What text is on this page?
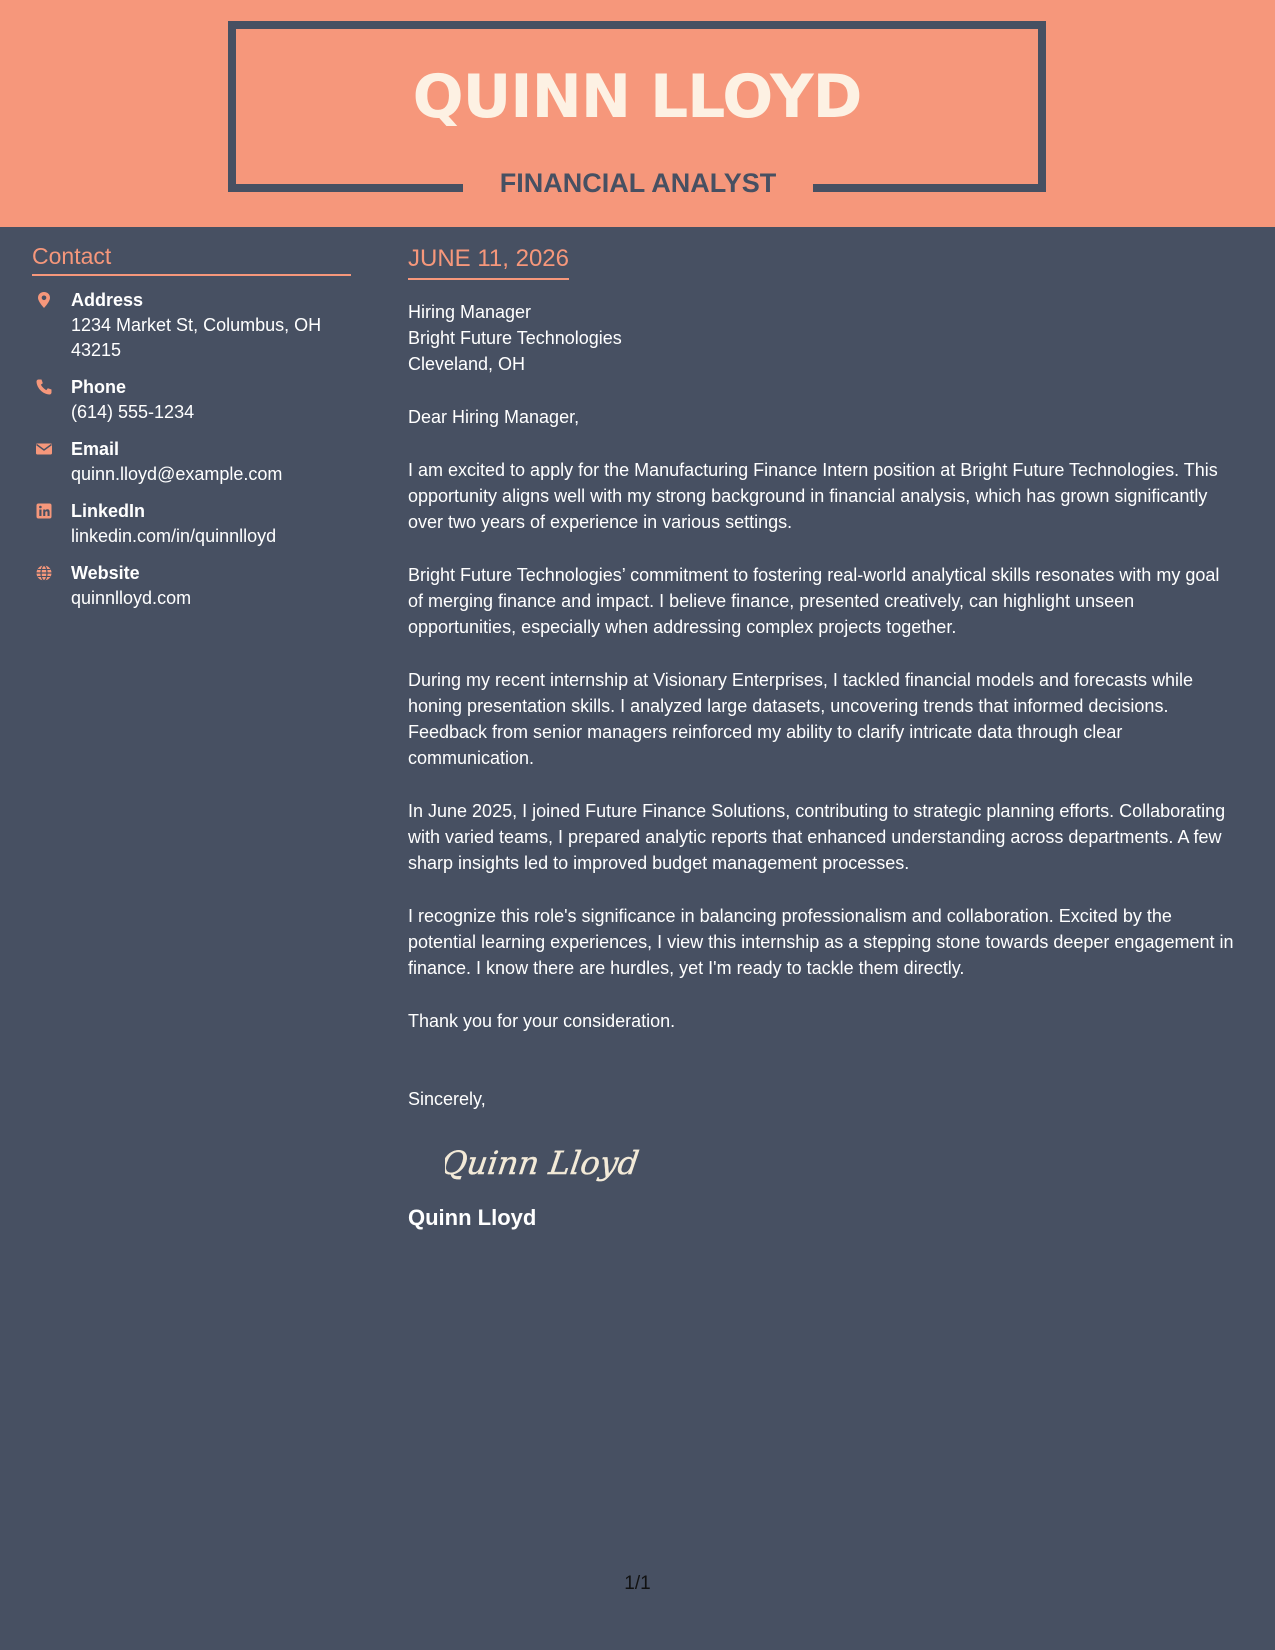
QUINN LLOYD
FINANCIAL ANALYST
Contact
Address
1234 Market St, Columbus, OH 43215
Phone
(614) 555-1234
Email
quinn.lloyd@example.com
LinkedIn
linkedin.com/in/quinnlloyd
Website
quinnlloyd.com
JUNE 11, 2026
Hiring Manager
Bright Future Technologies
Cleveland, OH
Dear Hiring Manager,
I am excited to apply for the Manufacturing Finance Intern position at Bright Future Technologies. This opportunity aligns well with my strong background in financial analysis, which has grown significantly over two years of experience in various settings.
Bright Future Technologies’ commitment to fostering real-world analytical skills resonates with my goal of merging finance and impact. I believe finance, presented creatively, can highlight unseen opportunities, especially when addressing complex projects together.
During my recent internship at Visionary Enterprises, I tackled financial models and forecasts while honing presentation skills. I analyzed large datasets, uncovering trends that informed decisions. Feedback from senior managers reinforced my ability to clarify intricate data through clear communication.
In June 2025, I joined Future Finance Solutions, contributing to strategic planning efforts. Collaborating with varied teams, I prepared analytic reports that enhanced understanding across departments. A few sharp insights led to improved budget management processes.
I recognize this role's significance in balancing professionalism and collaboration. Excited by the potential learning experiences, I view this internship as a stepping stone towards deeper engagement in finance. I know there are hurdles, yet I'm ready to tackle them directly.
Thank you for your consideration.
Sincerely,
Quinn Lloyd
Quinn Lloyd
1/1
